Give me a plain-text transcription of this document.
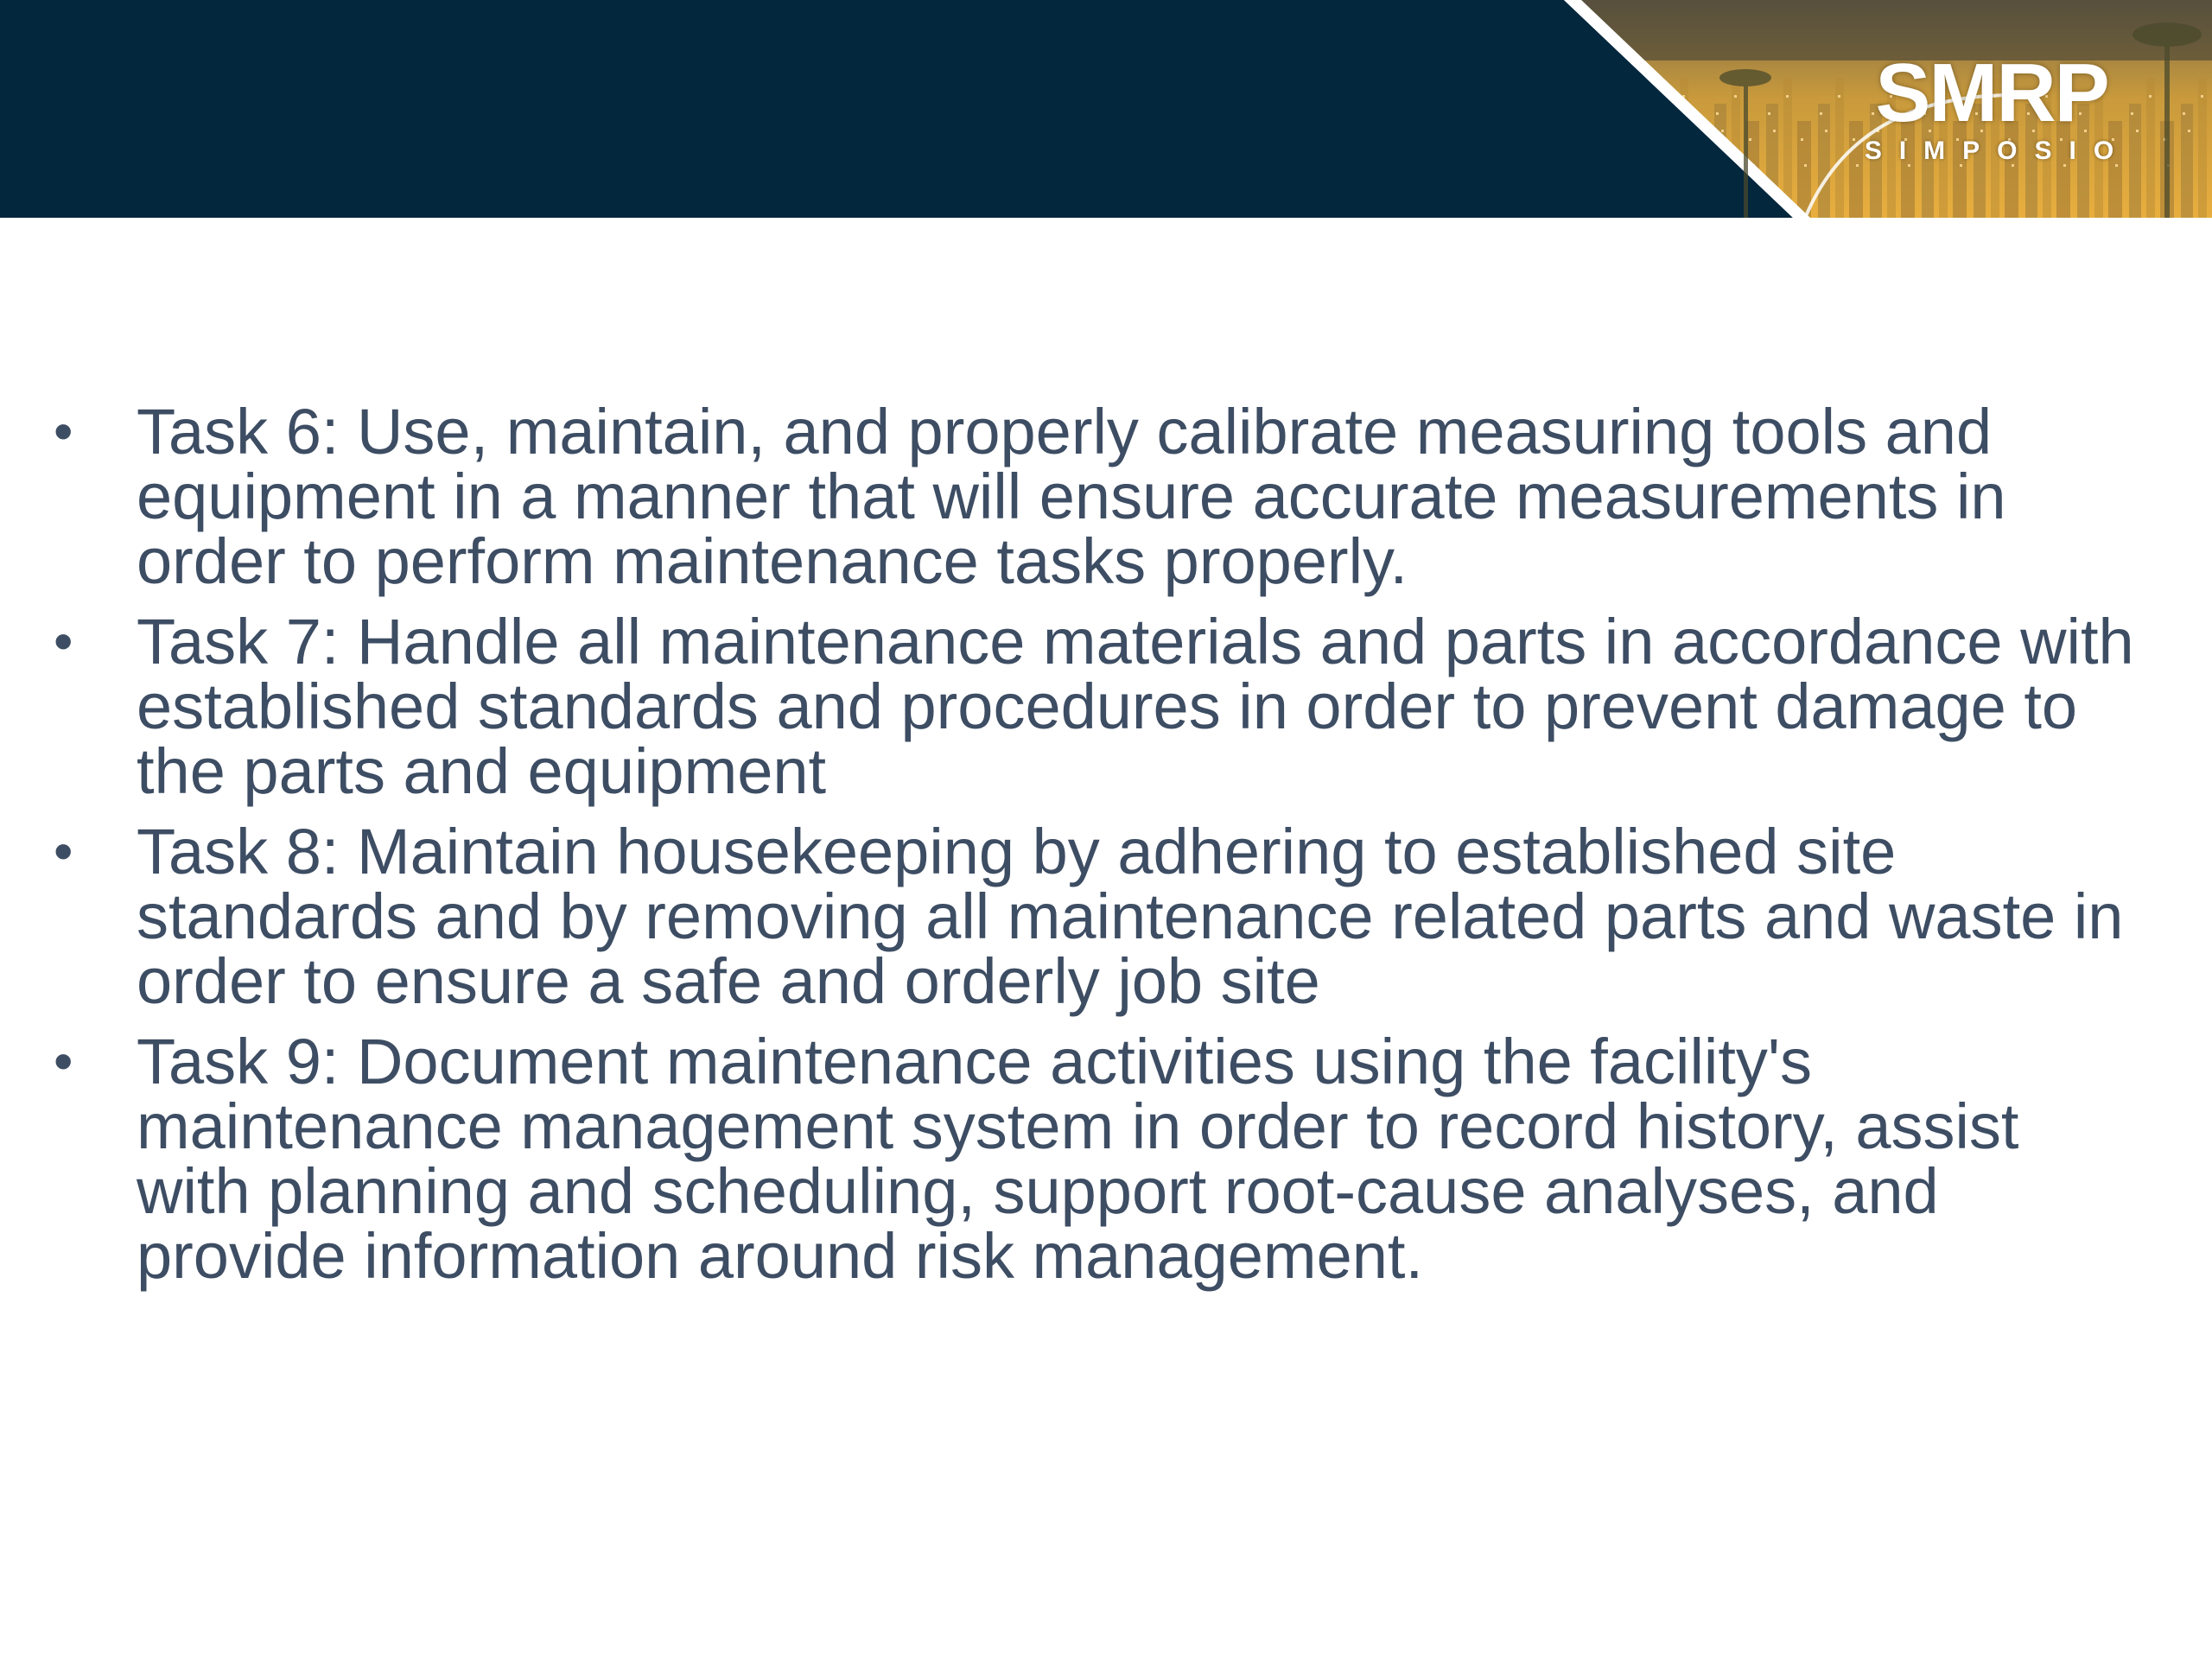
SMRP
SIMPOSIO
• Task 6: Use, maintain, and properly calibrate measuring tools and equipment in a manner that will ensure accurate measurements in order to perform maintenance tasks properly.
• Task 7: Handle all maintenance materials and parts in accordance with established standards and procedures in order to prevent damage to the parts and equipment
• Task 8: Maintain housekeeping by adhering to established site standards and by removing all maintenance related parts and waste in order to ensure a safe and orderly job site
• Task 9: Document maintenance activities using the facility's maintenance management system in order to record history, assist with planning and scheduling, support root-cause analyses, and provide information around risk management.
